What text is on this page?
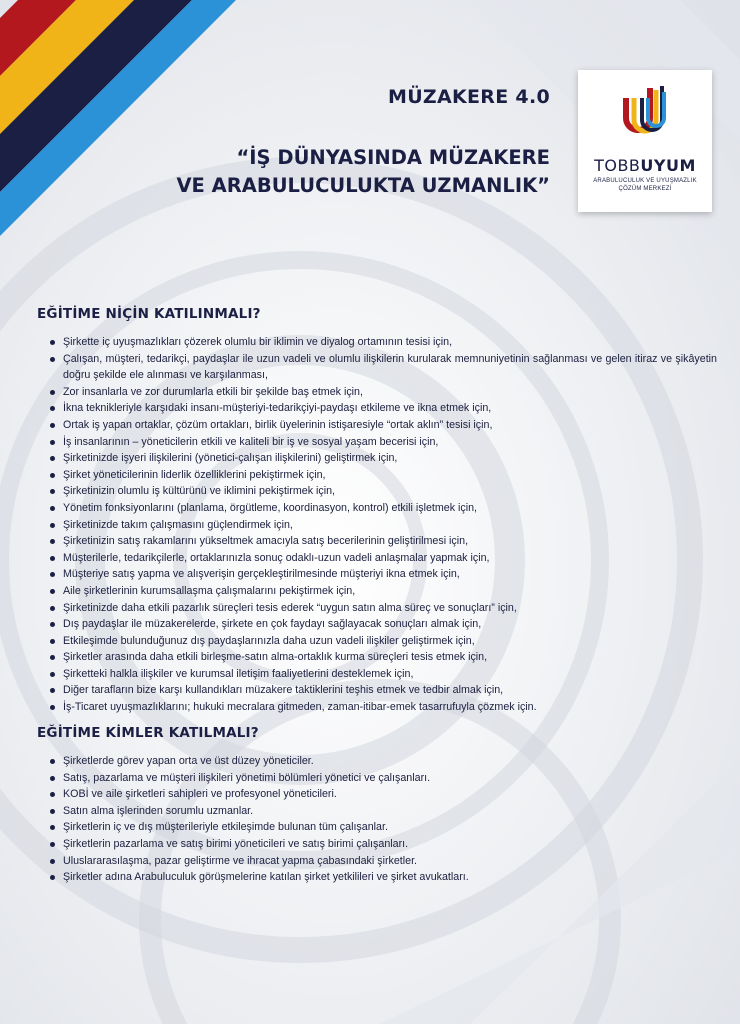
MÜZAKERE 4.0
“İŞ DÜNYASINDA MÜZAKERE
VE ARABULUCULUKTA UZMANLIK”
TOBBUYUM
ARABULUCULUK VE UYUŞMAZLIK
ÇÖZÜM MERKEZİ
EĞİTİME NİÇİN KATILINMALI?
Şirkette iç uyuşmazlıkları çözerek olumlu bir iklimin ve diyalog ortamının tesisi için,
Çalışan, müşteri, tedarikçi, paydaşlar ile uzun vadeli ve olumlu ilişkilerin kurularak memnuniyetinin sağlanması ve gelen itiraz ve şikâyetin doğru şekilde ele alınması ve karşılanması,
Zor insanlarla ve zor durumlarla etkili bir şekilde baş etmek için,
İkna teknikleriyle karşıdaki insanı-müşteriyi-tedarikçiyi-paydaşı etkileme ve ikna etmek için,
Ortak iş yapan ortaklar, çözüm ortakları, birlik üyelerinin istişaresiyle “ortak aklın” tesisi için,
İş insanlarının – yöneticilerin etkili ve kaliteli bir iş ve sosyal yaşam becerisi için,
Şirketinizde işyeri ilişkilerini (yönetici-çalışan ilişkilerini) geliştirmek için,
Şirket yöneticilerinin liderlik özelliklerini pekiştirmek için,
Şirketinizin olumlu iş kültürünü ve iklimini pekiştirmek için,
Yönetim fonksiyonlarını (planlama, örgütleme, koordinasyon, kontrol) etkili işletmek için,
Şirketinizde takım çalışmasını güçlendirmek için,
Şirketinizin satış rakamlarını yükseltmek amacıyla satış becerilerinin geliştirilmesi için,
Müşterilerle, tedarikçilerle, ortaklarınızla sonuç odaklı-uzun vadeli anlaşmalar yapmak için,
Müşteriye satış yapma ve alışverişin gerçekleştirilmesinde müşteriyi ikna etmek için,
Aile şirketlerinin kurumsallaşma çalışmalarını pekiştirmek için,
Şirketinizde daha etkili pazarlık süreçleri tesis ederek “uygun satın alma süreç ve sonuçları” için,
Dış paydaşlar ile müzakerelerde, şirkete en çok faydayı sağlayacak sonuçları almak için,
Etkileşimde bulunduğunuz dış paydaşlarınızla daha uzun vadeli ilişkiler geliştirmek için,
Şirketler arasında daha etkili birleşme-satın alma-ortaklık kurma süreçleri tesis etmek için,
Şirketteki halkla ilişkiler ve kurumsal iletişim faaliyetlerini desteklemek için,
Diğer tarafların bize karşı kullandıkları müzakere taktiklerini teşhis etmek ve tedbir almak için,
İş-Ticaret uyuşmazlıklarını; hukuki mecralara gitmeden, zaman-itibar-emek tasarrufuyla çözmek için.
EĞİTİME KİMLER KATILMALI?
Şirketlerde görev yapan orta ve üst düzey yöneticiler.
Satış, pazarlama ve müşteri ilişkileri yönetimi bölümleri yönetici ve çalışanları.
KOBİ ve aile şirketleri sahipleri ve profesyonel yöneticileri.
Satın alma işlerinden sorumlu uzmanlar.
Şirketlerin iç ve dış müşterileriyle etkileşimde bulunan tüm çalışanlar.
Şirketlerin pazarlama ve satış birimi yöneticileri ve satış birimi çalışanları.
Uluslararasılaşma, pazar geliştirme ve ihracat yapma çabasındaki şirketler.
Şirketler adına Arabuluculuk görüşmelerine katılan şirket yetkilileri ve şirket avukatları.
